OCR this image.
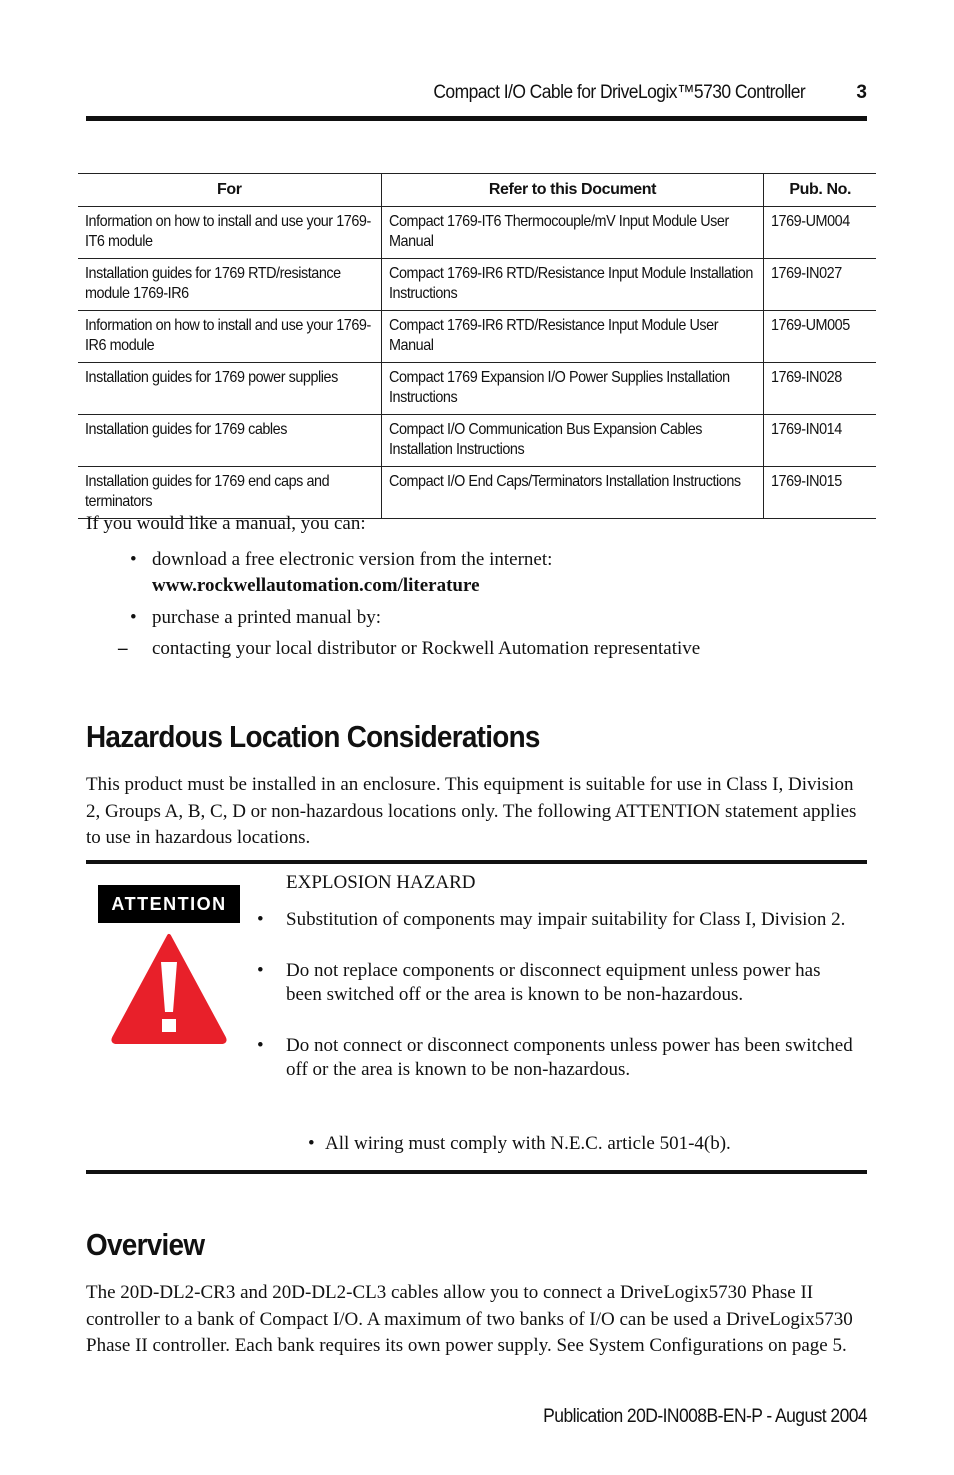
Compact I/O Cable for DriveLogix™5730 Controller	3
For	Refer to this Document	Pub. No.
Information on how to install and use your 1769-IT6 module	Compact 1769-IT6 Thermocouple/mV Input Module User Manual	1769-UM004
Installation guides for 1769 RTD/resistance module 1769-IR6	Compact 1769-IR6 RTD/Resistance Input Module Installation Instructions	1769-IN027
Information on how to install and use your 1769-IR6 module	Compact 1769-IR6 RTD/Resistance Input Module User Manual	1769-UM005
Installation guides for 1769 power supplies	Compact 1769 Expansion I/O Power Supplies Installation Instructions	1769-IN028
Installation guides for 1769 cables	Compact I/O Communication Bus Expansion Cables Installation Instructions	1769-IN014
Installation guides for 1769 end caps and terminators	Compact I/O End Caps/Terminators Installation Instructions	1769-IN015
If you would like a manual, you can:
• download a free electronic version from the internet:
www.rockwellautomation.com/literature
• purchase a printed manual by:
– contacting your local distributor or Rockwell Automation representative
Hazardous Location Considerations
This product must be installed in an enclosure. This equipment is suitable for use in Class I, Division 2, Groups A, B, C, D or non-hazardous locations only. The following ATTENTION statement applies to use in hazardous locations.
ATTENTION
EXPLOSION HAZARD
• Substitution of components may impair suitability for Class I, Division 2.
• Do not replace components or disconnect equipment unless power has been switched off or the area is known to be non-hazardous.
• Do not connect or disconnect components unless power has been switched off or the area is known to be non-hazardous.
• All wiring must comply with N.E.C. article 501-4(b).
Overview
The 20D-DL2-CR3 and 20D-DL2-CL3 cables allow you to connect a DriveLogix5730 Phase II controller to a bank of Compact I/O. A maximum of two banks of I/O can be used a DriveLogix5730 Phase II controller. Each bank requires its own power supply. See System Configurations on page 5.
Publication 20D-IN008B-EN-P - August 2004
